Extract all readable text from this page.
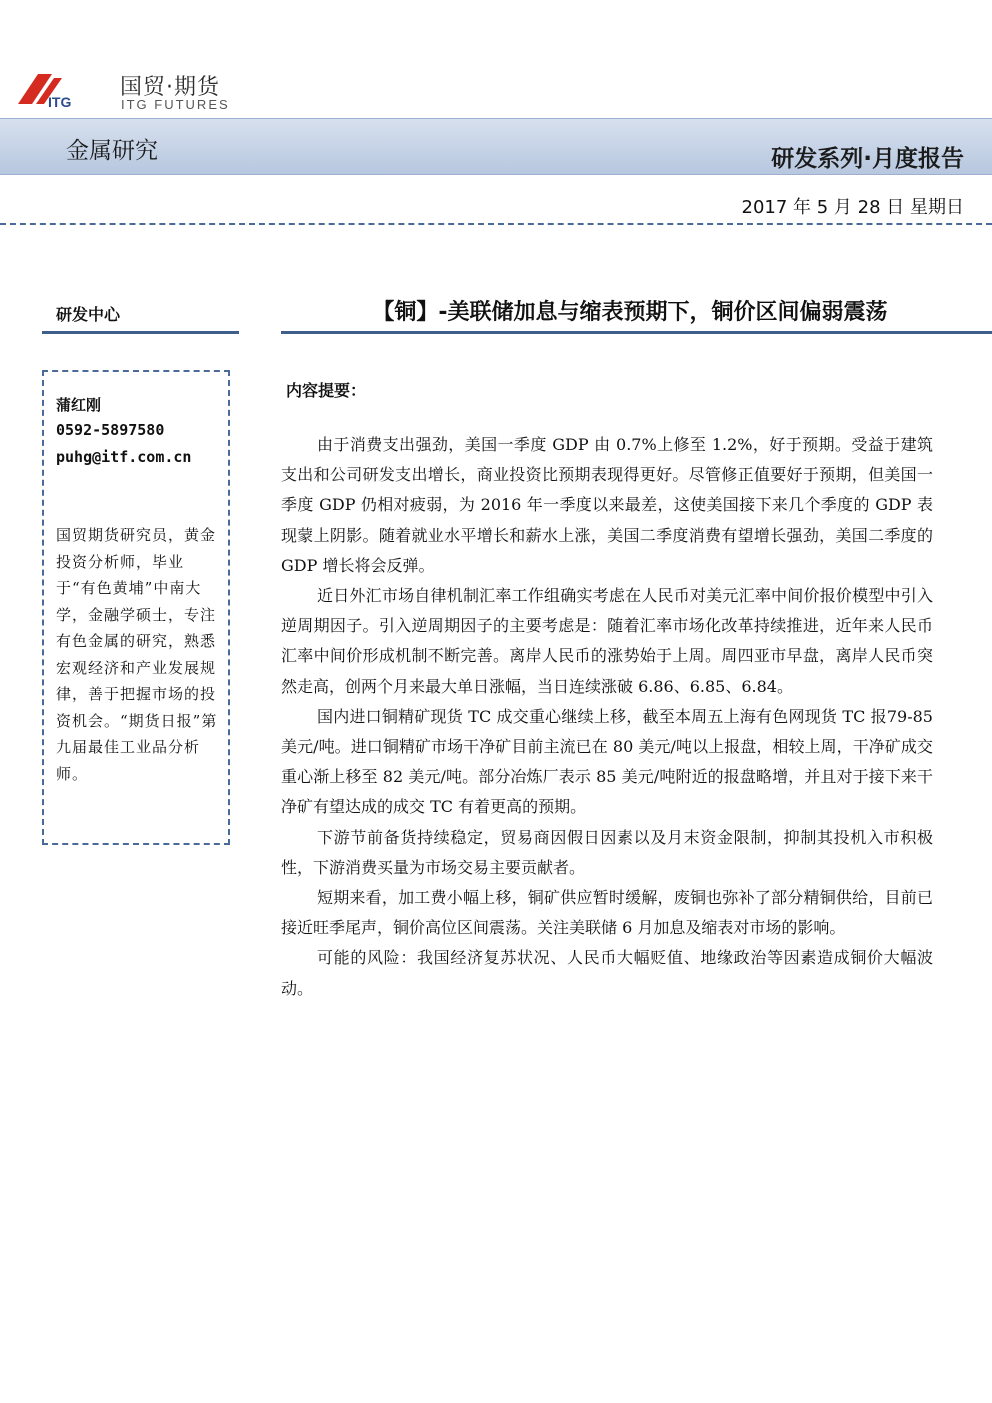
ITG
国贸·期货
ITG FUTURES
金属研究	研发系列·月度报告
2017 年 5 月 28 日 星期日
研发中心	【铜】-美联储加息与缩表预期下，铜价区间偏弱震荡
蒲红刚
0592-5897580
puhg@itf.com.cn
国贸期货研究员，黄金投资分析师，毕业于“有色黄埔”中南大学，金融学硕士，专注有色金属的研究，熟悉宏观经济和产业发展规律，善于把握市场的投资机会。“期货日报”第九届最佳工业品分析师。
内容提要：

由于消费支出强劲，美国一季度 GDP 由 0.7%上修至 1.2%，好于预期。受益于建筑支出和公司研发支出增长，商业投资比预期表现得更好。尽管修正值要好于预期，但美国一季度 GDP 仍相对疲弱，为 2016 年一季度以来最差，这使美国接下来几个季度的 GDP 表现蒙上阴影。随着就业水平增长和薪水上涨，美国二季度消费有望增长强劲，美国二季度的 GDP 增长将会反弹。

近日外汇市场自律机制汇率工作组确实考虑在人民币对美元汇率中间价报价模型中引入逆周期因子。引入逆周期因子的主要考虑是：随着汇率市场化改革持续推进，近年来人民币汇率中间价形成机制不断完善。离岸人民币的涨势始于上周。周四亚市早盘，离岸人民币突然走高，创两个月来最大单日涨幅，当日连续涨破 6.86、6.85、6.84。

国内进口铜精矿现货 TC 成交重心继续上移，截至本周五上海有色网现货 TC 报79-85 美元/吨。进口铜精矿市场干净矿目前主流已在 80 美元/吨以上报盘，相较上周，干净矿成交重心渐上移至 82 美元/吨。部分冶炼厂表示 85 美元/吨附近的报盘略增，并且对于接下来干净矿有望达成的成交 TC 有着更高的预期。

下游节前备货持续稳定，贸易商因假日因素以及月末资金限制，抑制其投机入市积极性，下游消费买量为市场交易主要贡献者。

短期来看，加工费小幅上移，铜矿供应暂时缓解，废铜也弥补了部分精铜供给，目前已接近旺季尾声，铜价高位区间震荡。关注美联储 6 月加息及缩表对市场的影响。

可能的风险：我国经济复苏状况、人民币大幅贬值、地缘政治等因素造成铜价大幅波动。
